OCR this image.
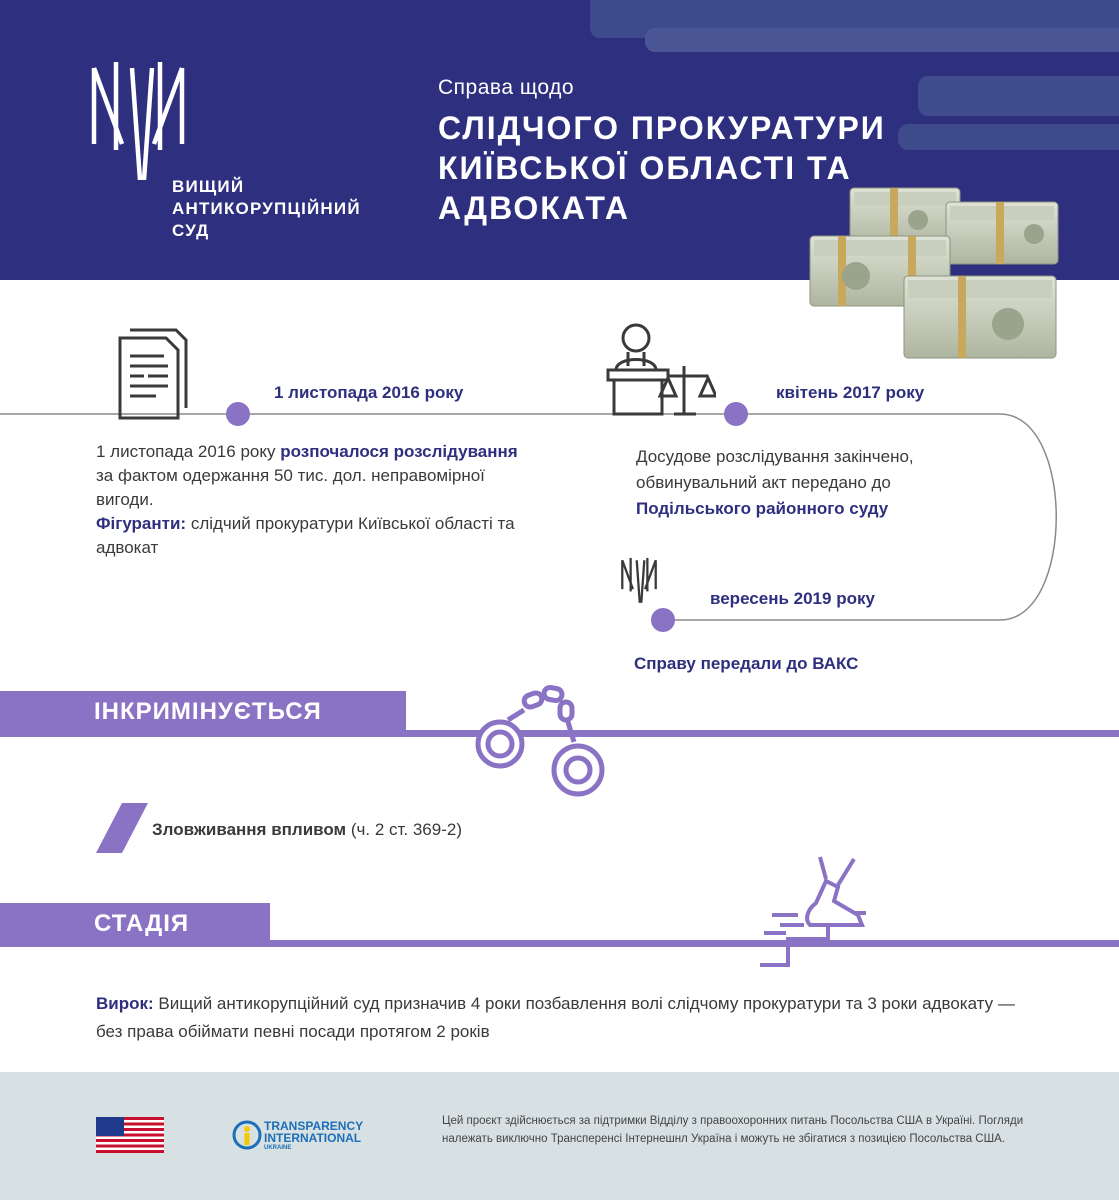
ВИЩИЙ
АНТИКОРУПЦІЙНИЙ
СУД
Справа щодо
СЛІДЧОГО ПРОКУРАТУРИ
КИЇВСЬКОЇ ОБЛАСТІ ТА
АДВОКАТА
1 листопада 2016 року	квітень 2017 року
вересень 2019 року
1 листопада 2016 року розпочалося розслідування за фактом одержання 50 тис. дол. неправомірної вигоди.
Фігуранти: слідчий прокуратури Київської області та адвокат
Досудове розслідування закінчено, обвинувальний акт передано до Подільського районного суду
Справу передали до ВАКС
ІНКРИМІНУЄТЬСЯ
Зловживання впливом (ч. 2 ст. 369-2)
СТАДІЯ
Вирок: Вищий антикорупційний суд призначив 4 роки позбавлення волі слідчому прокуратури та 3 роки адвокату — без права обіймати певні посади протягом 2 років
TRANSPARENCY
INTERNATIONAL
UKRAINE
Цей проєкт здійснюється за підтримки Відділу з правоохоронних питань Посольства США в Україні. Погляди належать виключно Трансперенсі Інтернешнл Україна і можуть не збігатися з позицією Посольства США.
